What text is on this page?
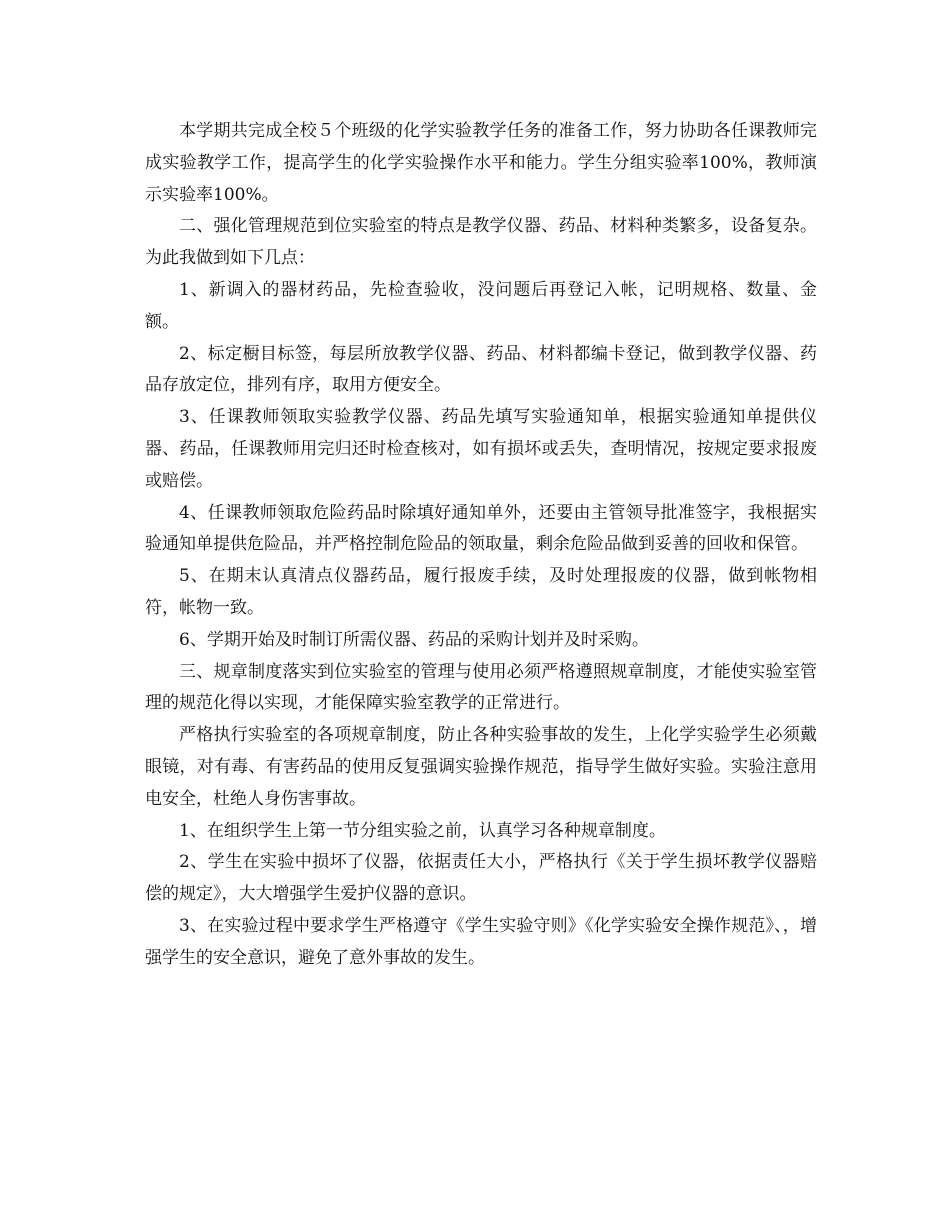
本学期共完成全校５个班级的化学实验教学任务的准备工作，努力协助各任课教师完成实验教学工作，提高学生的化学实验操作水平和能力。学生分组实验率100%，教师演示实验率100%。

二、强化管理规范到位实验室的特点是教学仪器、药品、材料种类繁多，设备复杂。为此我做到如下几点：

1、新调入的器材药品，先检查验收，没问题后再登记入帐，记明规格、数量、金额。

2、标定橱目标签，每层所放教学仪器、药品、材料都编卡登记，做到教学仪器、药品存放定位，排列有序，取用方便安全。

3、任课教师领取实验教学仪器、药品先填写实验通知单，根据实验通知单提供仪器、药品，任课教师用完归还时检查核对，如有损坏或丢失，查明情况，按规定要求报废或赔偿。

4、任课教师领取危险药品时除填好通知单外，还要由主管领导批准签字，我根据实验通知单提供危险品，并严格控制危险品的领取量，剩余危险品做到妥善的回收和保管。

5、在期末认真清点仪器药品，履行报废手续，及时处理报废的仪器，做到帐物相符，帐物一致。

6、学期开始及时制订所需仪器、药品的采购计划并及时采购。

三、规章制度落实到位实验室的管理与使用必须严格遵照规章制度，才能使实验室管理的规范化得以实现，才能保障实验室教学的正常进行。

严格执行实验室的各项规章制度，防止各种实验事故的发生，上化学实验学生必须戴眼镜，对有毒、有害药品的使用反复强调实验操作规范，指导学生做好实验。实验注意用电安全，杜绝人身伤害事故。

1、在组织学生上第一节分组实验之前，认真学习各种规章制度。

2、学生在实验中损坏了仪器，依据责任大小，严格执行《关于学生损坏教学仪器赔偿的规定》，大大增强学生爱护仪器的意识。

3、在实验过程中要求学生严格遵守《学生实验守则》《化学实验安全操作规范》、，增强学生的安全意识，避免了意外事故的发生。
